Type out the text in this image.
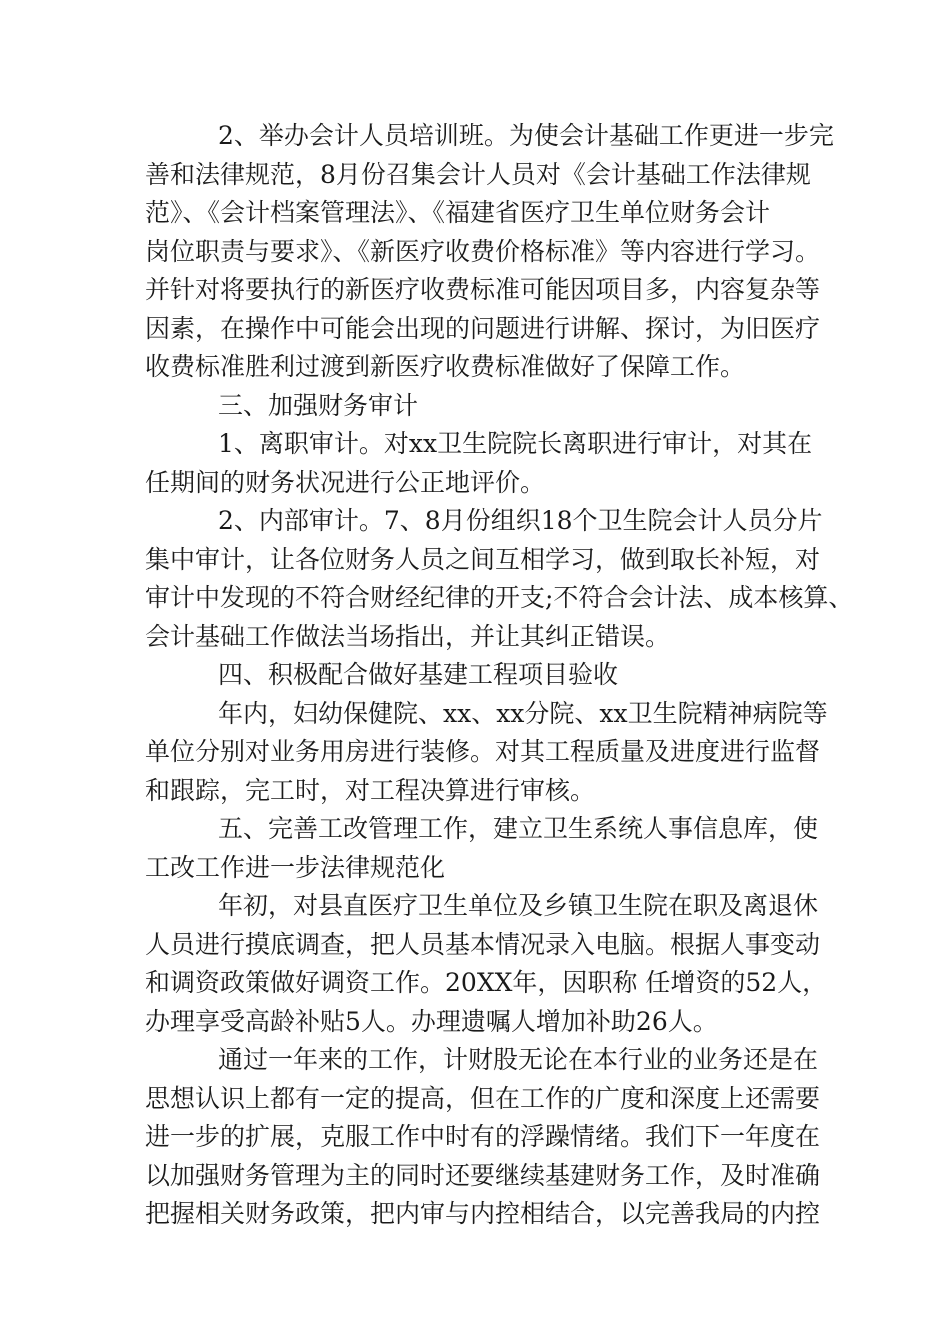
2、举办会计人员培训班。为使会计基础工作更进一步完
善和法律规范，8月份召集会计人员对《会计基础工作法律规
范》、《会计档案管理法》、《福建省医疗卫生单位财务会计
岗位职责与要求》、《新医疗收费价格标准》等内容进行学习。
并针对将要执行的新医疗收费标准可能因项目多，内容复杂等
因素，在操作中可能会出现的问题进行讲解、探讨，为旧医疗
收费标准胜利过渡到新医疗收费标准做好了保障工作。
三、加强财务审计
1、离职审计。对xx卫生院院长离职进行审计，对其在
任期间的财务状况进行公正地评价。
2、内部审计。7、8月份组织18个卫生院会计人员分片
集中审计，让各位财务人员之间互相学习，做到取长补短，对
审计中发现的不符合财经纪律的开支;不符合会计法、成本核算、
会计基础工作做法当场指出，并让其纠正错误。
四、积极配合做好基建工程项目验收
年内，妇幼保健院、xx、xx分院、xx卫生院精神病院等
单位分别对业务用房进行装修。对其工程质量及进度进行监督
和跟踪，完工时，对工程决算进行审核。
五、完善工改管理工作，建立卫生系统人事信息库，使
工改工作进一步法律规范化
年初，对县直医疗卫生单位及乡镇卫生院在职及离退休
人员进行摸底调查，把人员基本情况录入电脑。根据人事变动
和调资政策做好调资工作。20XX年，因职称 任增资的52人，
办理享受高龄补贴5人。办理遗嘱人增加补助26人。
通过一年来的工作，计财股无论在本行业的业务还是在
思想认识上都有一定的提高，但在工作的广度和深度上还需要
进一步的扩展，克服工作中时有的浮躁情绪。我们下一年度在
以加强财务管理为主的同时还要继续基建财务工作，及时准确
把握相关财务政策，把内审与内控相结合，以完善我局的内控
